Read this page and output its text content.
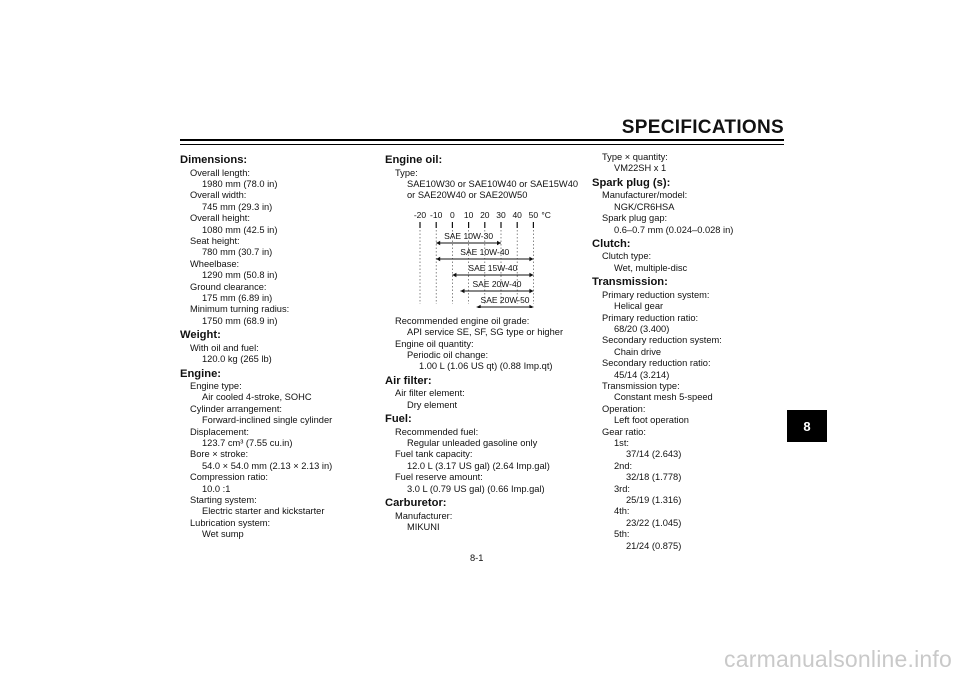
SPECIFICATIONS
Dimensions:
Overall length:
1980 mm (78.0 in)
Overall width:
745 mm (29.3 in)
Overall height:
1080 mm (42.5 in)
Seat height:
780 mm (30.7 in)
Wheelbase:
1290 mm (50.8 in)
Ground clearance:
175 mm (6.89 in)
Minimum turning radius:
1750 mm (68.9 in)
Weight:
With oil and fuel:
120.0 kg (265 lb)
Engine:
Engine type:
Air cooled 4-stroke, SOHC
Cylinder arrangement:
Forward-inclined single cylinder
Displacement:
123.7 cm³ (7.55 cu.in)
Bore × stroke:
54.0 × 54.0 mm (2.13 × 2.13 in)
Compression ratio:
10.0 :1
Starting system:
Electric starter and kickstarter
Lubrication system:
Wet sump
Engine oil:
Type:
SAE10W30 or SAE10W40 or SAE15W40
or SAE20W40 or SAE20W50
-20 -10 0 10 20 30 40 50 °C
SAE 10W-30
SAE 10W-40
SAE 15W-40
SAE 20W-40
SAE 20W-50
Recommended engine oil grade:
API service SE, SF, SG type or higher
Engine oil quantity:
Periodic oil change:
1.00 L (1.06 US qt) (0.88 Imp.qt)
Air filter:
Air filter element:
Dry element
Fuel:
Recommended fuel:
Regular unleaded gasoline only
Fuel tank capacity:
12.0 L (3.17 US gal) (2.64 Imp.gal)
Fuel reserve amount:
3.0 L (0.79 US gal) (0.66 Imp.gal)
Carburetor:
Manufacturer:
MIKUNI
Type × quantity:
VM22SH x 1
Spark plug (s):
Manufacturer/model:
NGK/CR6HSA
Spark plug gap:
0.6–0.7 mm (0.024–0.028 in)
Clutch:
Clutch type:
Wet, multiple-disc
Transmission:
Primary reduction system:
Helical gear
Primary reduction ratio:
68/20 (3.400)
Secondary reduction system:
Chain drive
Secondary reduction ratio:
45/14 (3.214)
Transmission type:
Constant mesh 5-speed
Operation:
Left foot operation
Gear ratio:
1st:
37/14 (2.643)
2nd:
32/18 (1.778)
3rd:
25/19 (1.316)
4th:
23/22 (1.045)
5th:
21/24 (0.875)
8
8-1
carmanualsonline.info
